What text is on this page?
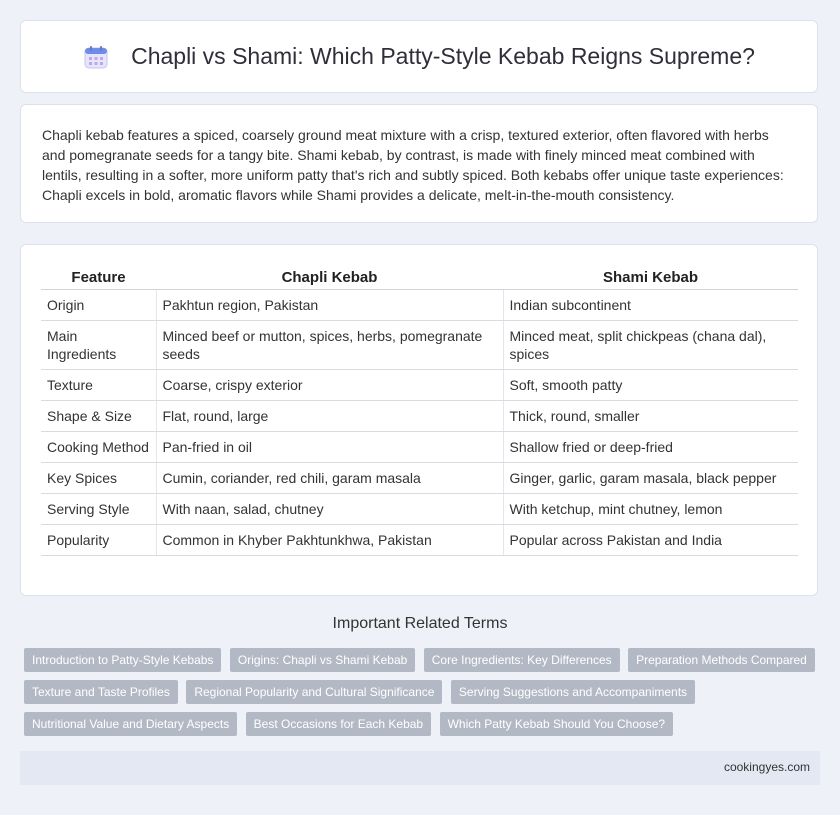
Chapli vs Shami: Which Patty-Style Kebab Reigns Supreme?

Chapli kebab features a spiced, coarsely ground meat mixture with a crisp, textured exterior, often flavored with herbs and pomegranate seeds for a tangy bite. Shami kebab, by contrast, is made with finely minced meat combined with lentils, resulting in a softer, more uniform patty that's rich and subtly spiced. Both kebabs offer unique taste experiences: Chapli excels in bold, aromatic flavors while Shami provides a delicate, melt-in-the-mouth consistency.

Feature	Chapli Kebab	Shami Kebab
Origin	Pakhtun region, Pakistan	Indian subcontinent
Main Ingredients	Minced beef or mutton, spices, herbs, pomegranate seeds	Minced meat, split chickpeas (chana dal), spices
Texture	Coarse, crispy exterior	Soft, smooth patty
Shape & Size	Flat, round, large	Thick, round, smaller
Cooking Method	Pan-fried in oil	Shallow fried or deep-fried
Key Spices	Cumin, coriander, red chili, garam masala	Ginger, garlic, garam masala, black pepper
Serving Style	With naan, salad, chutney	With ketchup, mint chutney, lemon
Popularity	Common in Khyber Pakhtunkhwa, Pakistan	Popular across Pakistan and India
Important Related Terms
Introduction to Patty-Style Kebabs Origins: Chapli vs Shami Kebab Core Ingredients: Key Differences Preparation Methods Compared Texture and Taste Profiles Regional Popularity and Cultural Significance Serving Suggestions and Accompaniments Nutritional Value and Dietary Aspects Best Occasions for Each Kebab Which Patty Kebab Should You Choose?
cookingyes.com
